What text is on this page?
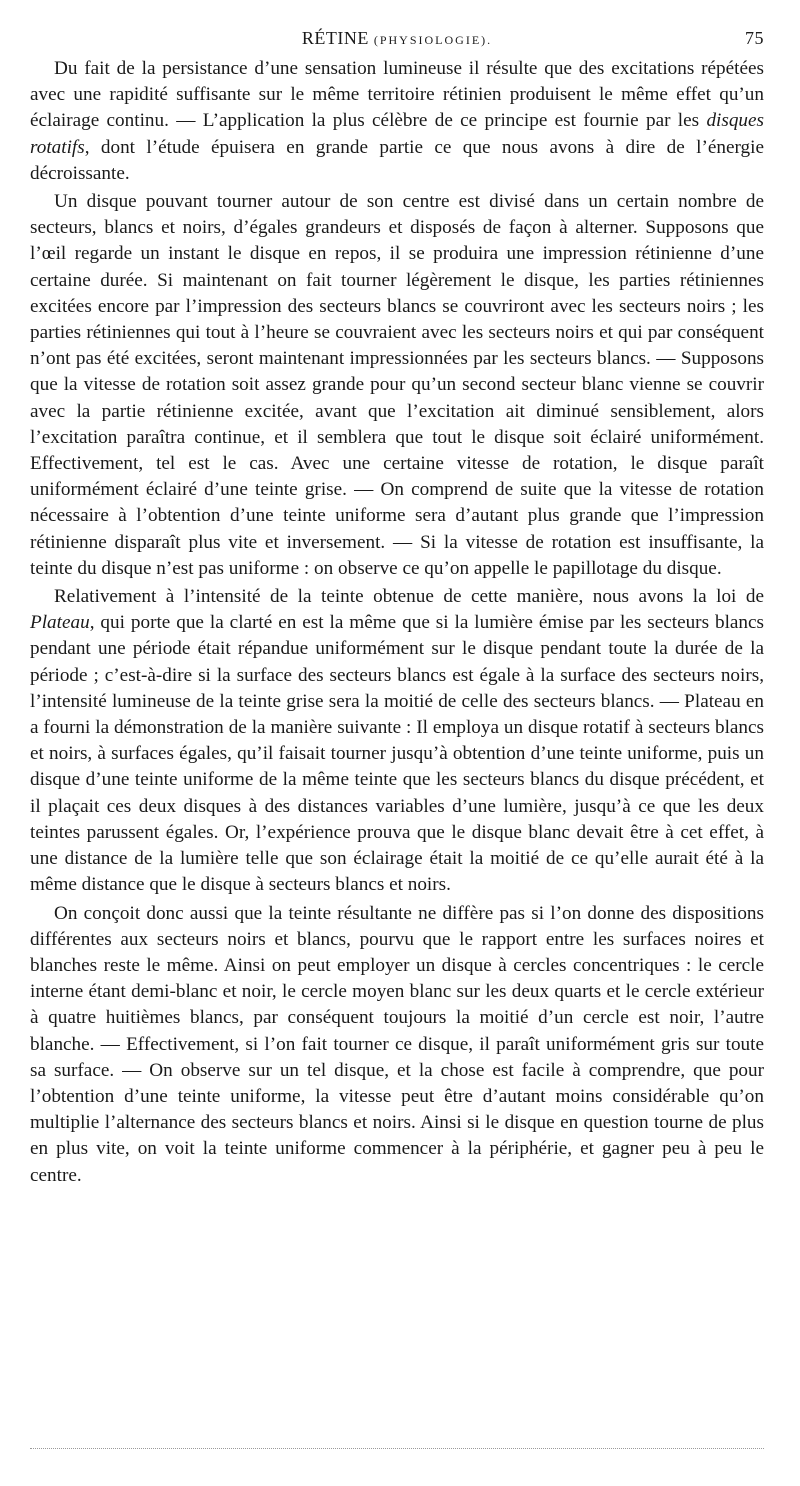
RÉTINE (PHYSIOLOGIE).	75

Du fait de la persistance d’une sensation lumineuse il résulte que des excitations répétées avec une rapidité suffisante sur le même territoire rétinien produisent le même effet qu’un éclairage continu. — L’application la plus célèbre de ce principe est fournie par les disques rotatifs, dont l’étude épuisera en grande partie ce que nous avons à dire de l’énergie décroissante.

Un disque pouvant tourner autour de son centre est divisé dans un certain nombre de secteurs, blancs et noirs, d’égales grandeurs et disposés de façon à alterner. Supposons que l’œil regarde un instant le disque en repos, il se produira une impression rétinienne d’une certaine durée. Si maintenant on fait tourner légèrement le disque, les parties rétiniennes excitées encore par l’impression des secteurs blancs se couvriront avec les secteurs noirs ; les parties rétiniennes qui tout à l’heure se couvraient avec les secteurs noirs et qui par conséquent n’ont pas été excitées, seront maintenant impressionnées par les secteurs blancs. — Supposons que la vitesse de rotation soit assez grande pour qu’un second secteur blanc vienne se couvrir avec la partie rétinienne excitée, avant que l’excitation ait diminué sensiblement, alors l’excitation paraîtra continue, et il semblera que tout le disque soit éclairé uniformément. Effectivement, tel est le cas. Avec une certaine vitesse de rotation, le disque paraît uniformément éclairé d’une teinte grise. — On comprend de suite que la vitesse de rotation nécessaire à l’obtention d’une teinte uniforme sera d’autant plus grande que l’impression rétinienne disparaît plus vite et inversement. — Si la vitesse de rotation est insuffisante, la teinte du disque n’est pas uniforme : on observe ce qu’on appelle le papillotage du disque.

Relativement à l’intensité de la teinte obtenue de cette manière, nous avons la loi de Plateau, qui porte que la clarté en est la même que si la lumière émise par les secteurs blancs pendant une période était répandue uniformément sur le disque pendant toute la durée de la période ; c’est-à-dire si la surface des secteurs blancs est égale à la surface des secteurs noirs, l’intensité lumineuse de la teinte grise sera la moitié de celle des secteurs blancs. — Plateau en a fourni la démonstration de la manière suivante : Il employa un disque rotatif à secteurs blancs et noirs, à surfaces égales, qu’il faisait tourner jusqu’à obtention d’une teinte uniforme, puis un disque d’une teinte uniforme de la même teinte que les secteurs blancs du disque précédent, et il plaçait ces deux disques à des distances variables d’une lumière, jusqu’à ce que les deux teintes parussent égales. Or, l’expérience prouva que le disque blanc devait être à cet effet, à une distance de la lumière telle que son éclairage était la moitié de ce qu’elle aurait été à la même distance que le disque à secteurs blancs et noirs.

On conçoit donc aussi que la teinte résultante ne diffère pas si l’on donne des dispositions différentes aux secteurs noirs et blancs, pourvu que le rapport entre les surfaces noires et blanches reste le même. Ainsi on peut employer un disque à cercles concentriques : le cercle interne étant demi-blanc et noir, le cercle moyen blanc sur les deux quarts et le cercle extérieur à quatre huitièmes blancs, par conséquent toujours la moitié d’un cercle est noir, l’autre blanche. — Effectivement, si l’on fait tourner ce disque, il paraît uniformément gris sur toute sa surface. — On observe sur un tel disque, et la chose est facile à comprendre, que pour l’obtention d’une teinte uniforme, la vitesse peut être d’autant moins considérable qu’on multiplie l’alternance des secteurs blancs et noirs. Ainsi si le disque en question tourne de plus en plus vite, on voit la teinte uniforme commencer à la périphérie, et gagner peu à peu le centre.
